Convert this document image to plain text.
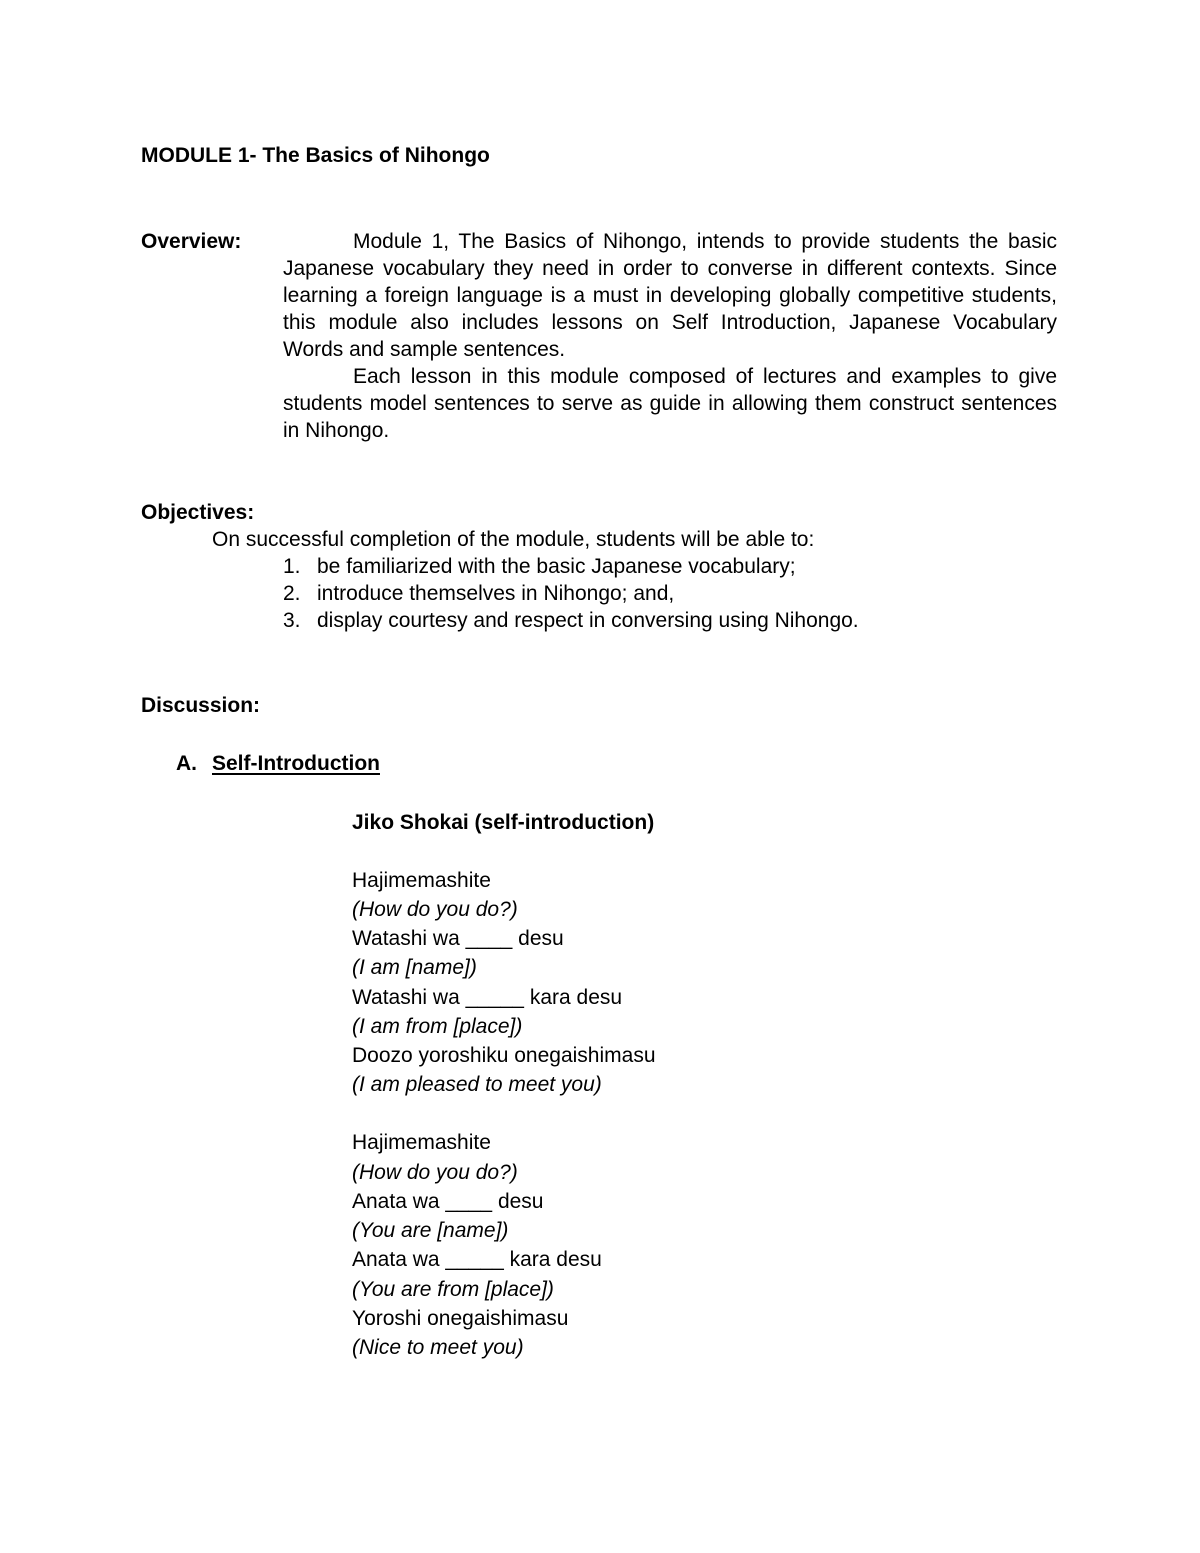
MODULE 1- The Basics of Nihongo
Overview:	Module 1, The Basics of Nihongo, intends to provide students the basic Japanese vocabulary they need in order to converse in different contexts. Since learning a foreign language is a must in developing globally competitive students, this module also includes lessons on Self Introduction, Japanese Vocabulary Words and sample sentences.

Each lesson in this module composed of lectures and examples to give students model sentences to serve as guide in allowing them construct sentences in Nihongo.

Objectives:
On successful completion of the module, students will be able to:
1. be familiarized with the basic Japanese vocabulary;
2. introduce themselves in Nihongo; and,
3. display courtesy and respect in conversing using Nihongo.
Discussion:
A. Self-Introduction
Jiko Shokai (self-introduction)
Hajimemashite
(How do you do?)
Watashi wa ____ desu
(I am [name])
Watashi wa _____ kara desu
(I am from [place])
Doozo yoroshiku onegaishimasu
(I am pleased to meet you)
Hajimemashite
(How do you do?)
Anata wa ____ desu
(You are [name])
Anata wa _____ kara desu
(You are from [place])
Yoroshi onegaishimasu
(Nice to meet you)
